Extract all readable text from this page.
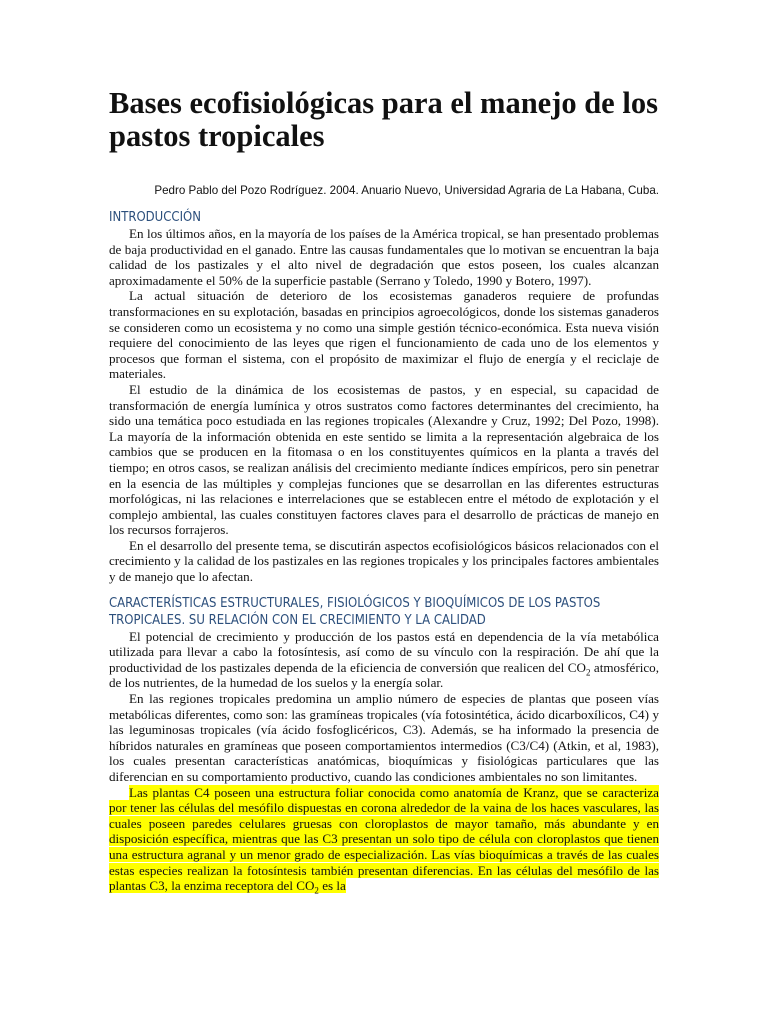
Bases ecofisiológicas para el manejo de los pastos tropicales
Pedro Pablo del Pozo Rodríguez. 2004. Anuario Nuevo, Universidad Agraria de La Habana, Cuba.
INTRODUCCIÓN

En los últimos años, en la mayoría de los países de la América tropical, se han presentado problemas de baja productividad en el ganado. Entre las causas fundamentales que lo motivan se encuentran la baja calidad de los pastizales y el alto nivel de degradación que estos poseen, los cuales alcanzan aproximadamente el 50% de la superficie pastable (Serrano y Toledo, 1990 y Botero, 1997).

La actual situación de deterioro de los ecosistemas ganaderos requiere de profundas transformaciones en su explotación, basadas en principios agroecológicos, donde los sistemas ganaderos se consideren como un ecosistema y no como una simple gestión técnico-económica. Esta nueva visión requiere del conocimiento de las leyes que rigen el funcionamiento de cada uno de los elementos y procesos que forman el sistema, con el propósito de maximizar el flujo de energía y el reciclaje de materiales.

El estudio de la dinámica de los ecosistemas de pastos, y en especial, su capacidad de transformación de energía lumínica y otros sustratos como factores determinantes del crecimiento, ha sido una temática poco estudiada en las regiones tropicales (Alexandre y Cruz, 1992; Del Pozo, 1998). La mayoría de la información obtenida en este sentido se limita a la representación algebraica de los cambios que se producen en la fitomasa o en los constituyentes químicos en la planta a través del tiempo; en otros casos, se realizan análisis del crecimiento mediante índices empíricos, pero sin penetrar en la esencia de las múltiples y complejas funciones que se desarrollan en las diferentes estructuras morfológicas, ni las relaciones e interrelaciones que se establecen entre el método de explotación y el complejo ambiental, las cuales constituyen factores claves para el desarrollo de prácticas de manejo en los recursos forrajeros.

En el desarrollo del presente tema, se discutirán aspectos ecofisiológicos básicos relacionados con el crecimiento y la calidad de los pastizales en las regiones tropicales y los principales factores ambientales y de manejo que lo afectan.

CARACTERÍSTICAS ESTRUCTURALES, FISIOLÓGICOS Y BIOQUÍMICOS DE LOS PASTOS TROPICALES. SU RELACIÓN CON EL CRECIMIENTO Y LA CALIDAD

El potencial de crecimiento y producción de los pastos está en dependencia de la vía metabólica utilizada para llevar a cabo la fotosíntesis, así como de su vínculo con la respiración. De ahí que la productividad de los pastizales dependa de la eficiencia de conversión que realicen del $CO_2$ atmosférico, de los nutrientes, de la humedad de los suelos y la energía solar.

En las regiones tropicales predomina un amplio número de especies de plantas que poseen vías metabólicas diferentes, como son: las gramíneas tropicales (vía fotosintética, ácido dicarboxílicos, C4) y las leguminosas tropicales (vía ácido fosfoglicéricos, C3). Además, se ha informado la presencia de híbridos naturales en gramíneas que poseen comportamientos intermedios (C3/C4) (Atkin, et al, 1983), los cuales presentan características anatómicas, bioquímicas y fisiológicas particulares que las diferencian en su comportamiento productivo, cuando las condiciones ambientales no son limitantes.

Las plantas C4 poseen una estructura foliar conocida como anatomía de Kranz, que se caracteriza por tener las células del mesófilo dispuestas en corona alrededor de la vaina de los haces vasculares, las cuales poseen paredes celulares gruesas con cloroplastos de mayor tamaño, más abundante y en disposición específica, mientras que las C3 presentan un solo tipo de célula con cloroplastos que tienen una estructura agranal y un menor grado de especialización. Las vías bioquímicas a través de las cuales estas especies realizan la fotosíntesis también presentan diferencias. En las células del mesófilo de las plantas C3, la enzima receptora del $CO_2$ es la
